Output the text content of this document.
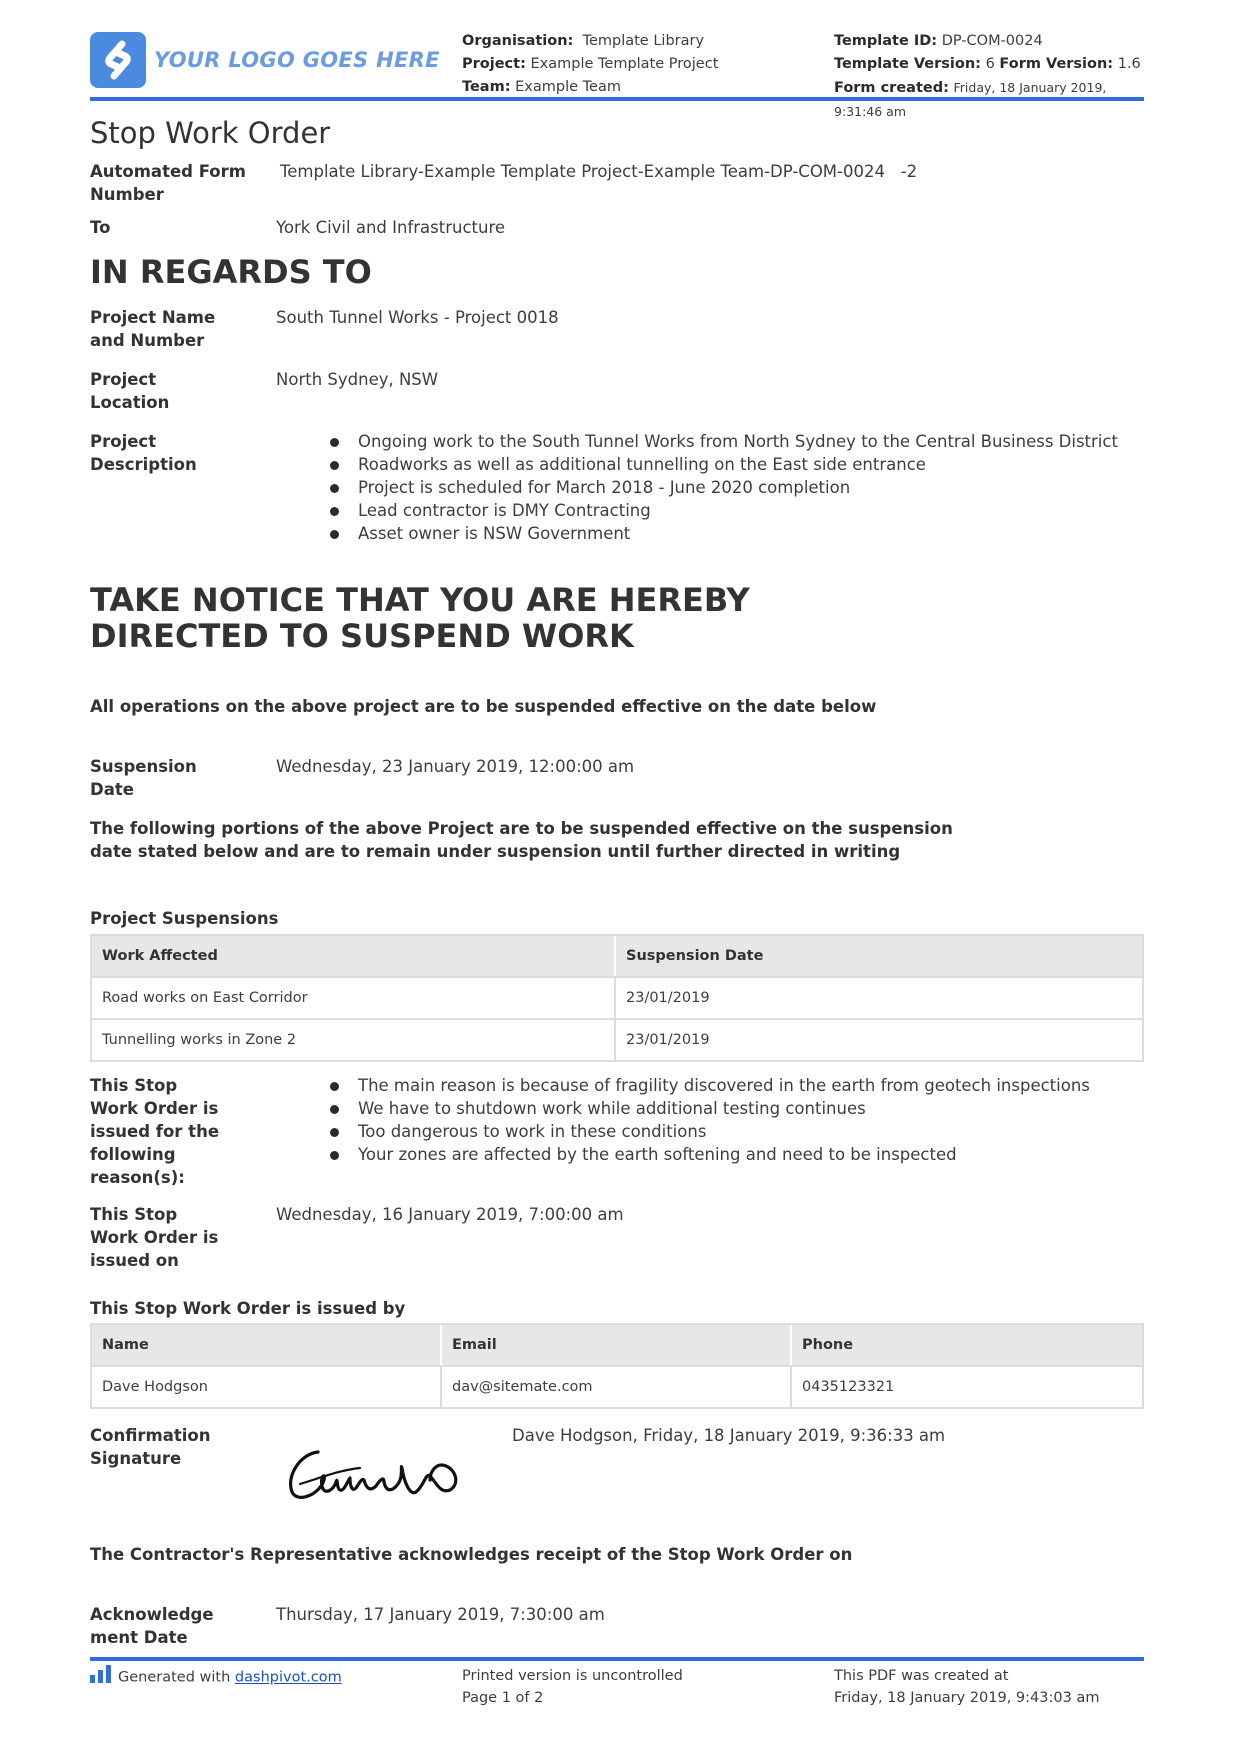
YOUR LOGO GOES HERE
Organisation: Template Library
Project: Example Template Project
Team: Example Team
Template ID: DP-COM-0024
Template Version: 6 Form Version: 1.6
Form created: Friday, 18 January 2019, 9:31:46 am
Stop Work Order
Automated Form Number
Template Library-Example Template Project-Example Team-DP-COM-0024   -2
To	York Civil and Infrastructure
IN REGARDS TO
Project Name and Number
South Tunnel Works - Project 0018
Project Location
North Sydney, NSW
Project Description
Ongoing work to the South Tunnel Works from North Sydney to the Central Business District
Roadworks as well as additional tunnelling on the East side entrance
Project is scheduled for March 2018 - June 2020 completion
Lead contractor is DMY Contracting
Asset owner is NSW Government
TAKE NOTICE THAT YOU ARE HEREBY DIRECTED TO SUSPEND WORK
All operations on the above project are to be suspended effective on the date below
Suspension Date
Wednesday, 23 January 2019, 12:00:00 am
The following portions of the above Project are to be suspended effective on the suspension date stated below and are to remain under suspension until further directed in writing
Project Suspensions
Work Affected	Suspension Date
Road works on East Corridor	23/01/2019
Tunnelling works in Zone 2	23/01/2019
This Stop Work Order is issued for the following reason(s):
The main reason is because of fragility discovered in the earth from geotech inspections
We have to shutdown work while additional testing continues
Too dangerous to work in these conditions
Your zones are affected by the earth softening and need to be inspected
This Stop Work Order is issued on
Wednesday, 16 January 2019, 7:00:00 am
This Stop Work Order is issued by
Name	Email	Phone
Dave Hodgson	dav@sitemate.com	0435123321
Confirmation Signature
Dave Hodgson, Friday, 18 January 2019, 9:36:33 am
The Contractor's Representative acknowledges receipt of the Stop Work Order on
Acknowledge ment Date
Thursday, 17 January 2019, 7:30:00 am
Generated with dashpivot.com	Printed version is uncontrolled
Page 1 of 2
This PDF was created at
Friday, 18 January 2019, 9:43:03 am
